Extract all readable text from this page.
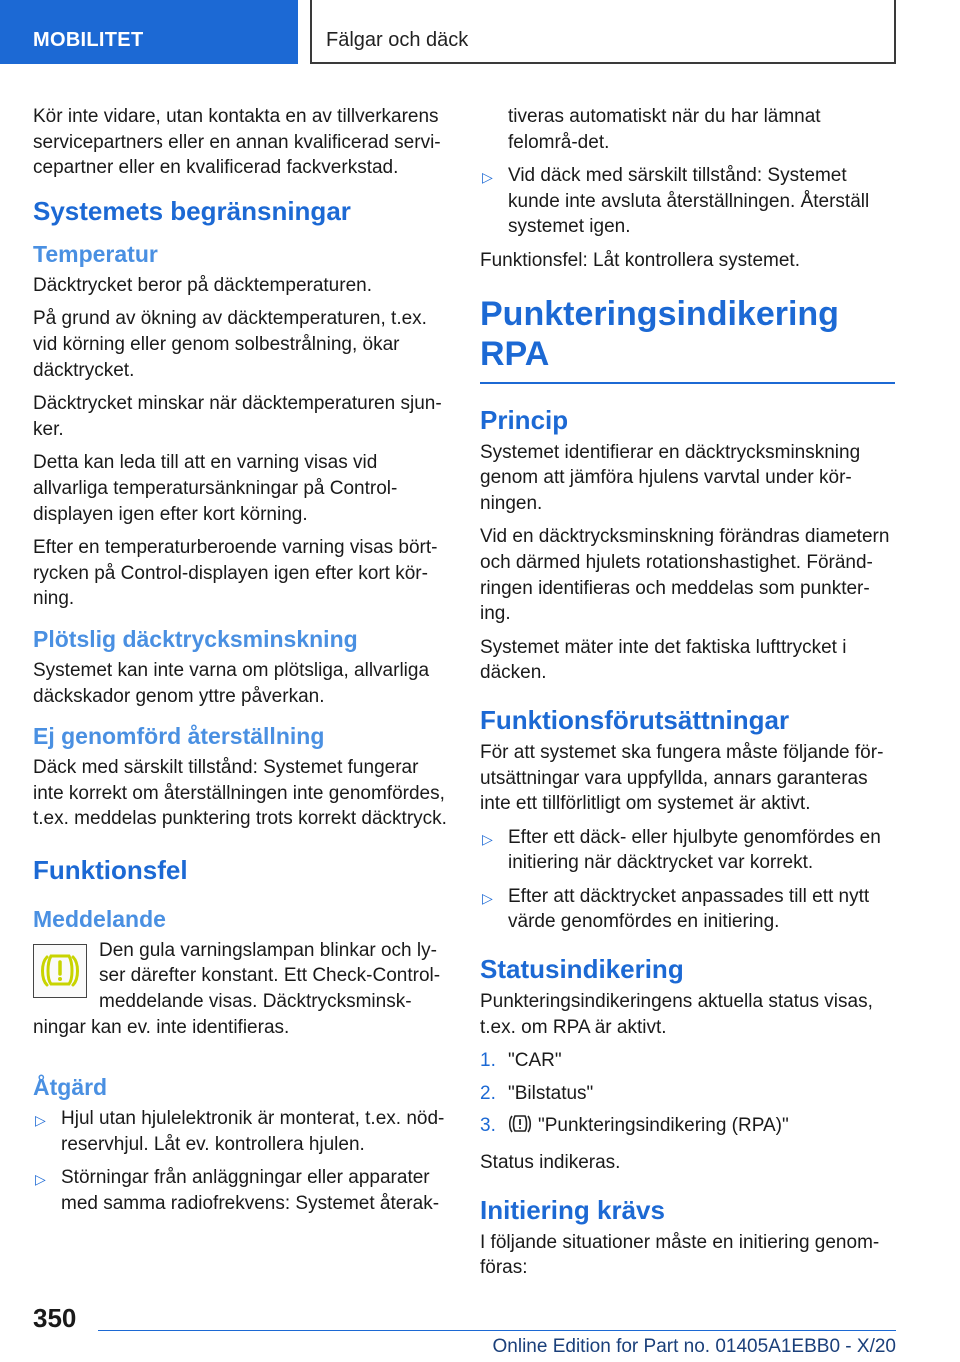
MOBILITET	Fälgar och däck

Kör inte vidare, utan kontakta en av tillverkarens servicepartners eller en annan kvalificerad servi-cepartner eller en kvalificerad fackverkstad.

Systemets begränsningar
Temperatur

Däcktrycket beror på däcktemperaturen.

På grund av ökning av däcktemperaturen, t.ex. vid körning eller genom solbestrålning, ökar däcktrycket.

Däcktrycket minskar när däcktemperaturen sjun-ker.

Detta kan leda till att en varning visas vid allvarliga temperatursänkningar på Control-displayen igen efter kort körning.

Efter en temperaturberoende varning visas bört-rycken på Control-displayen igen efter kort kör-ning.

Plötslig däcktrycksminskning

Systemet kan inte varna om plötsliga, allvarliga däckskador genom yttre påverkan.

Ej genomförd återställning

Däck med särskilt tillstånd: Systemet fungerar inte korrekt om återställningen inte genomfördes, t.ex. meddelas punktering trots korrekt däcktryck.

Funktionsfel
Meddelande

Den gula varningslampan blinkar och ly-ser därefter konstant. Ett Check-Control-meddelande visas. Däcktrycksminsk-ningar kan ev. inte identifieras.

Åtgärd
▷ Hjul utan hjulelektronik är monterat, t.ex. nöd-reservhjul. Låt ev. kontrollera hjulen.
▷ Störningar från anläggningar eller apparater med samma radiofrekvens: Systemet återak-
tiveras automatiskt när du har lämnat felområ-det.
▷ Vid däck med särskilt tillstånd: Systemet kunde inte avsluta återställningen. Återställ systemet igen.

Funktionsfel: Låt kontrollera systemet.

Punkteringsindikering RPA
Princip

Systemet identifierar en däcktrycksminskning genom att jämföra hjulens varvtal under kör-ningen.

Vid en däcktrycksminskning förändras diametern och därmed hjulets rotationshastighet. Föränd-ringen identifieras och meddelas som punkter-ing.

Systemet mäter inte det faktiska lufttrycket i däcken.

Funktionsförutsättningar

För att systemet ska fungera måste följande för-utsättningar vara uppfyllda, annars garanteras inte ett tillförlitligt om systemet är aktivt.

▷ Efter ett däck- eller hjulbyte genomfördes en initiering när däcktrycket var korrekt.
▷ Efter att däcktrycket anpassades till ett nytt värde genomfördes en initiering.
Statusindikering

Punkteringsindikeringens aktuella status visas, t.ex. om RPA är aktivt.

1. "CAR"
2. "Bilstatus"
3. "Punkteringsindikering (RPA)"

Status indikeras.

Initiering krävs

I följande situationer måste en initiering genom-föras:

350
Online Edition for Part no. 01405A1EBB0 - X/20
